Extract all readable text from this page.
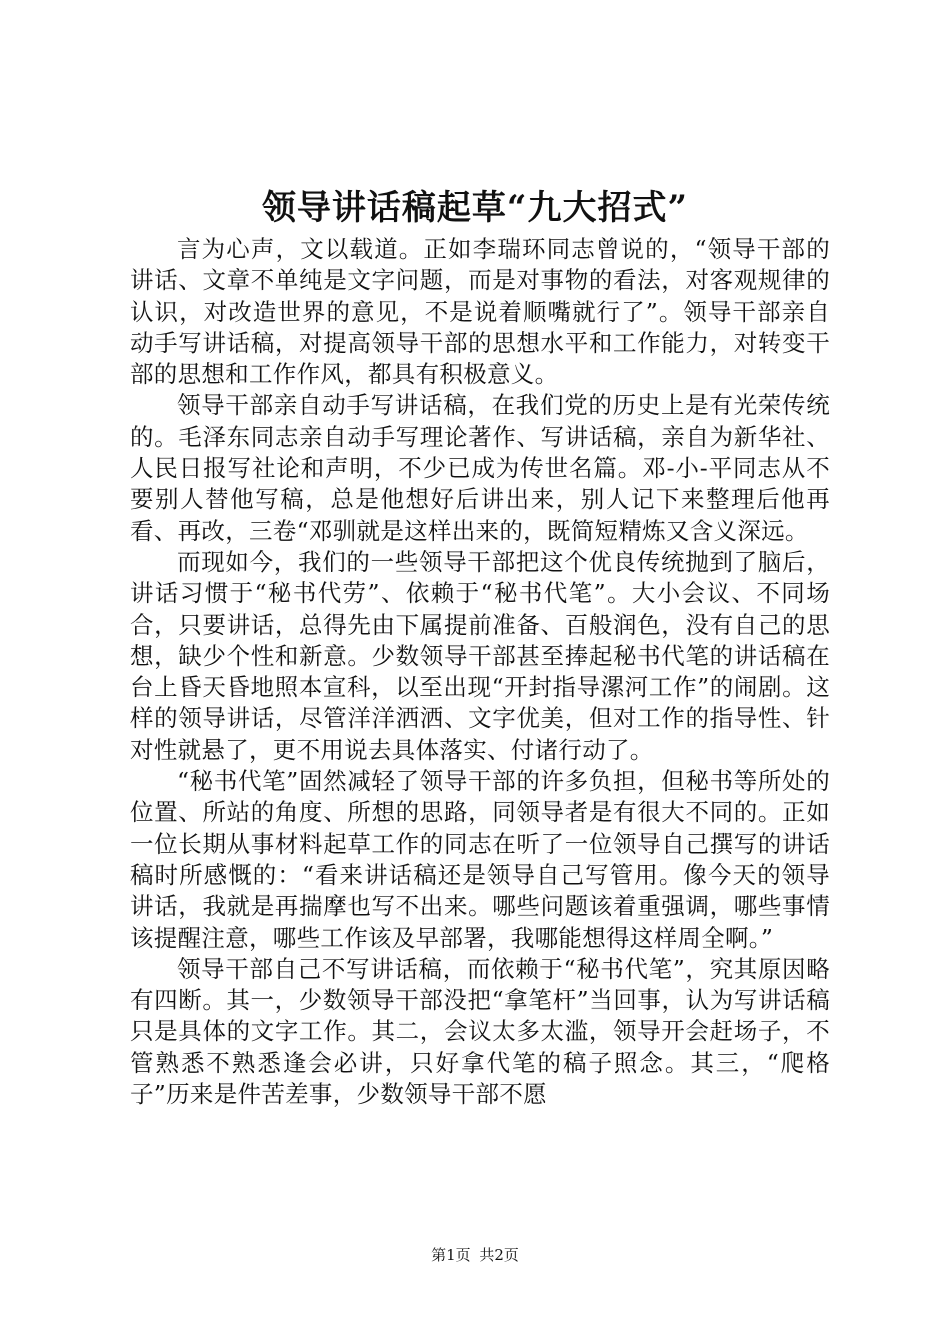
领导讲话稿起草“九大招式”

言为心声，文以载道。正如李瑞环同志曾说的，“领导干部的讲话、文章不单纯是文字问题，而是对事物的看法，对客观规律的认识，对改造世界的意见，不是说着顺嘴就行了”。领导干部亲自动手写讲话稿，对提高领导干部的思想水平和工作能力，对转变干部的思想和工作作风，都具有积极意义。

领导干部亲自动手写讲话稿，在我们党的历史上是有光荣传统的。毛泽东同志亲自动手写理论著作、写讲话稿，亲自为新华社、人民日报写社论和声明，不少已成为传世名篇。邓-小-平同志从不要别人替他写稿，总是他想好后讲出来，别人记下来整理后他再看、再改，三卷“邓驯就是这样出来的，既简短精炼又含义深远。

而现如今，我们的一些领导干部把这个优良传统抛到了脑后，讲话习惯于“秘书代劳”、依赖于“秘书代笔”。大小会议、不同场合，只要讲话，总得先由下属提前准备、百般润色，没有自己的思想，缺少个性和新意。少数领导干部甚至捧起秘书代笔的讲话稿在台上昏天昏地照本宣科，以至出现“开封指导漯河工作”的闹剧。这样的领导讲话，尽管洋洋洒洒、文字优美，但对工作的指导性、针对性就悬了，更不用说去具体落实、付诸行动了。

“秘书代笔”固然减轻了领导干部的许多负担，但秘书等所处的位置、所站的角度、所想的思路，同领导者是有很大不同的。正如一位长期从事材料起草工作的同志在听了一位领导自己撰写的讲话稿时所感慨的：“看来讲话稿还是领导自己写管用。像今天的领导讲话，我就是再揣摩也写不出来。哪些问题该着重强调，哪些事情该提醒注意，哪些工作该及早部署，我哪能想得这样周全啊。”

领导干部自己不写讲话稿，而依赖于“秘书代笔”，究其原因略有四断。其一，少数领导干部没把“拿笔杆”当回事，认为写讲话稿只是具体的文字工作。其二，会议太多太滥，领导开会赶场子，不管熟悉不熟悉逢会必讲，只好拿代笔的稿子照念。其三，“爬格子”历来是件苦差事，少数领导干部不愿

第1页 共2页
